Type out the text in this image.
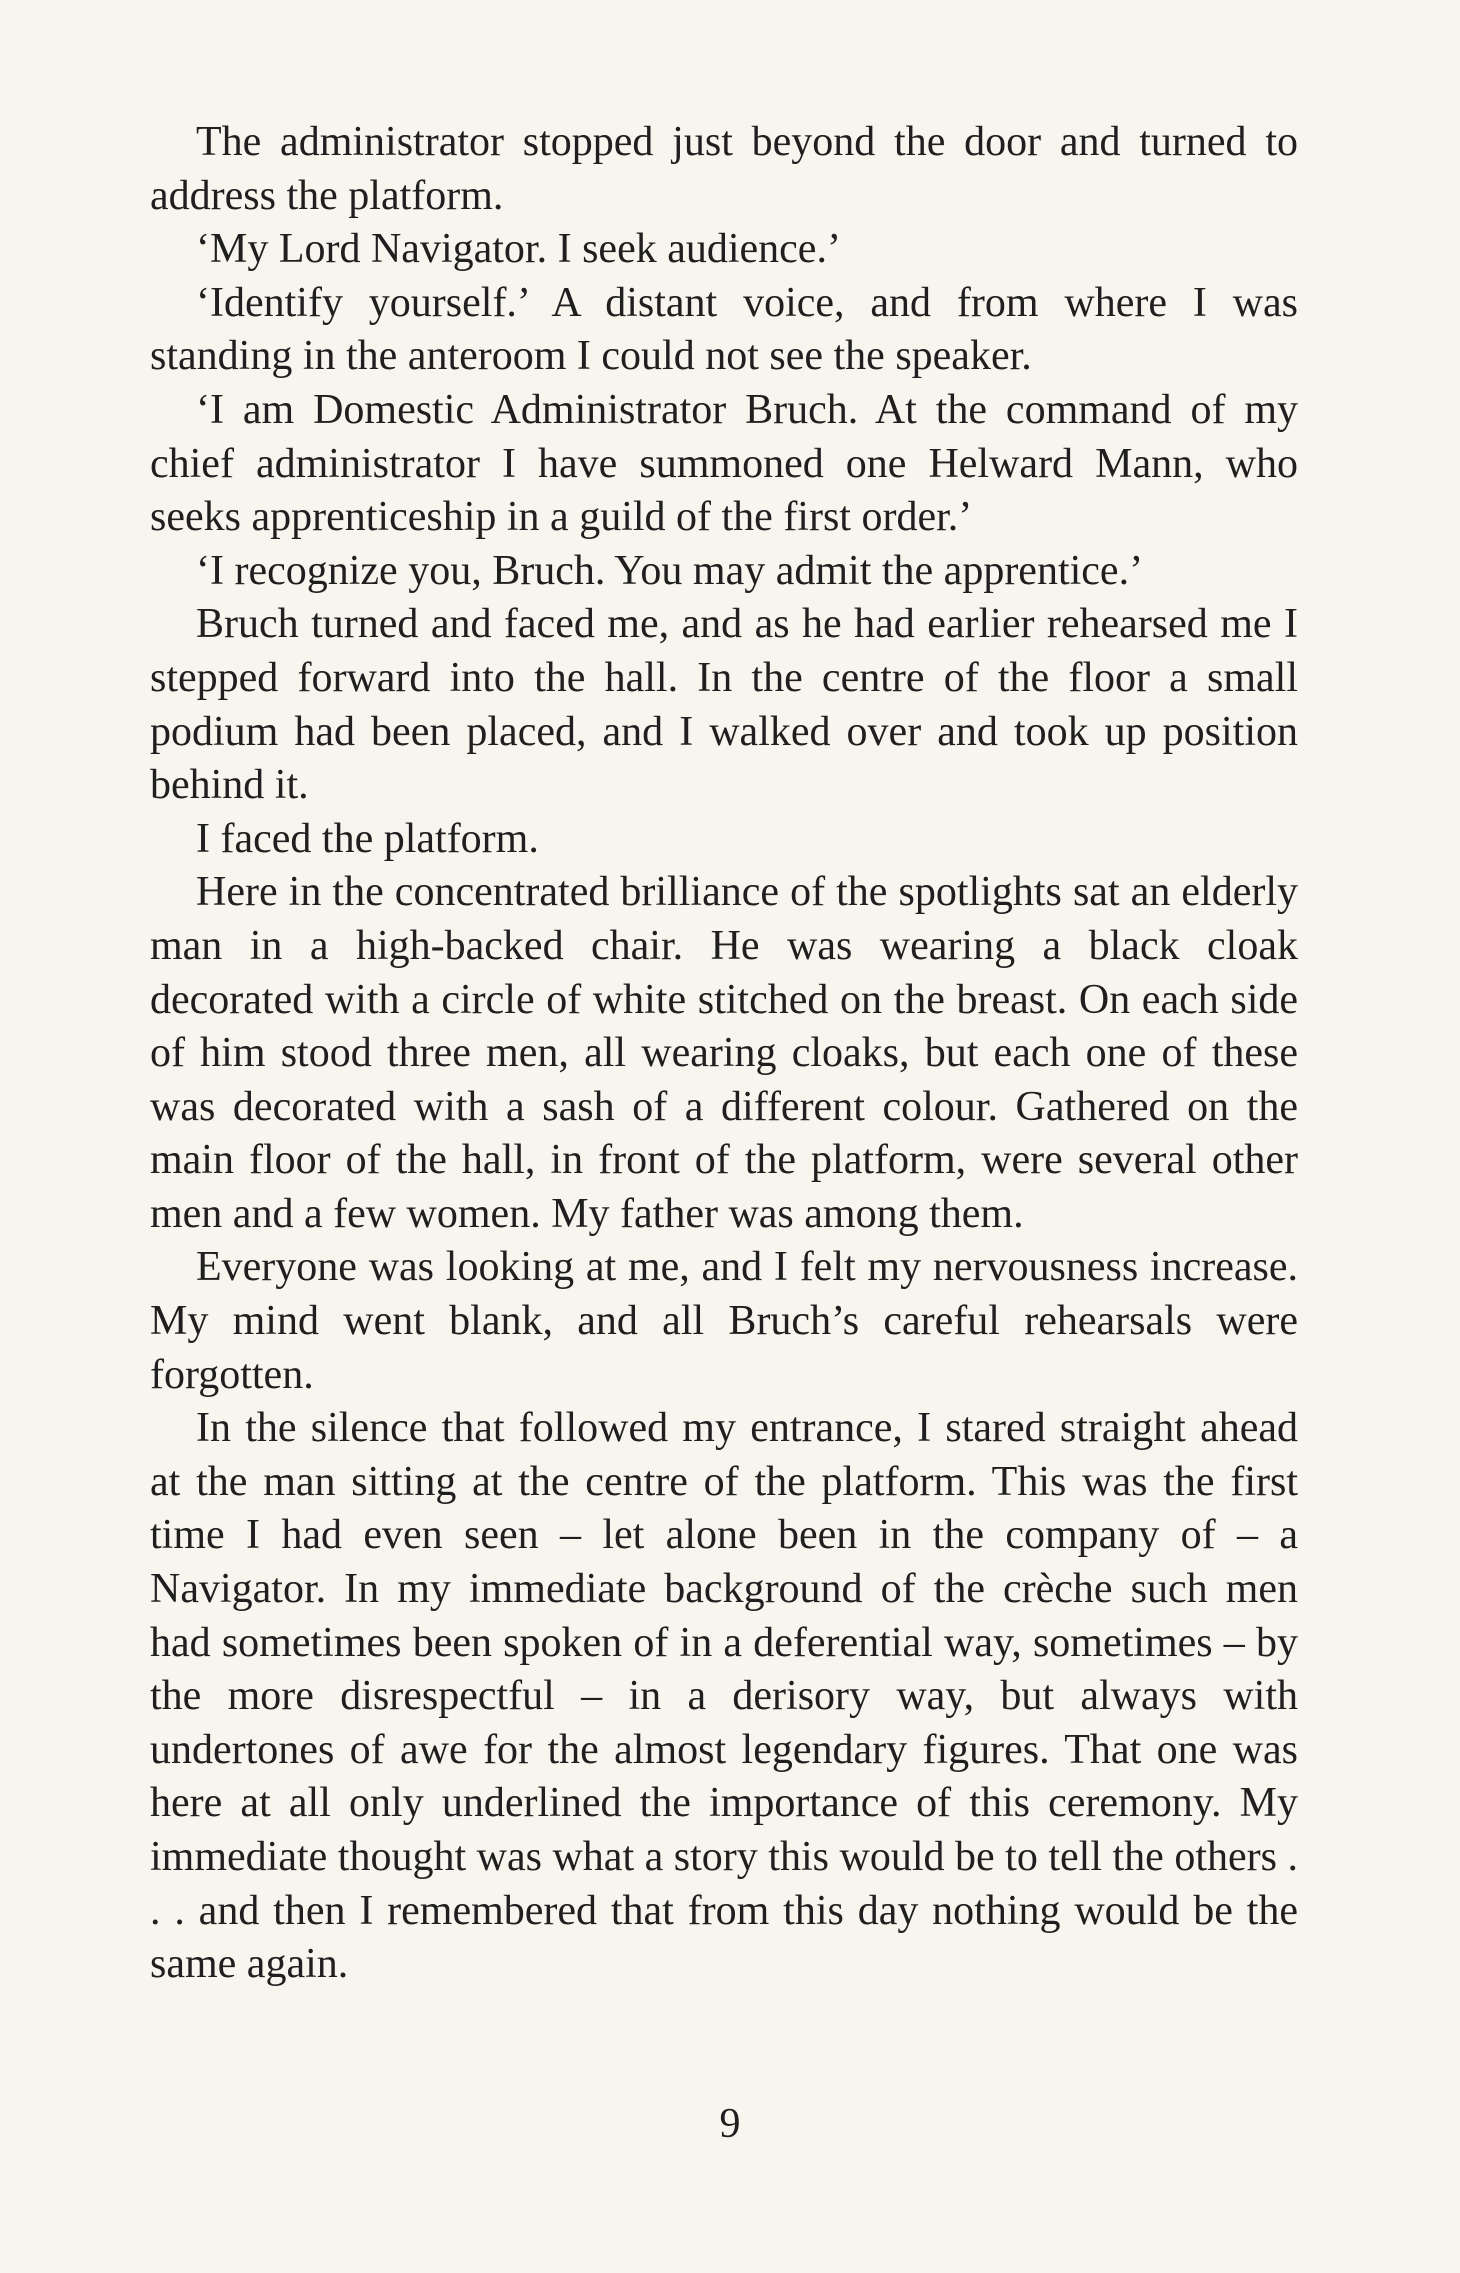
The administrator stopped just beyond the door and turned to address the platform.

‘My Lord Navigator. I seek audience.’

‘Identify yourself.’ A distant voice, and from where I was standing in the anteroom I could not see the speaker.

‘I am Domestic Administrator Bruch. At the command of my chief administrator I have summoned one Helward Mann, who seeks apprenticeship in a guild of the first order.’

‘I recognize you, Bruch. You may admit the apprentice.’

Bruch turned and faced me, and as he had earlier rehearsed me I stepped forward into the hall. In the centre of the floor a small podium had been placed, and I walked over and took up position behind it.

I faced the platform.

Here in the concentrated brilliance of the spotlights sat an elderly man in a high-backed chair. He was wearing a black cloak decorated with a circle of white stitched on the breast. On each side of him stood three men, all wearing cloaks, but each one of these was decorated with a sash of a different colour. Gathered on the main floor of the hall, in front of the platform, were several other men and a few women. My father was among them.

Everyone was looking at me, and I felt my nervousness increase. My mind went blank, and all Bruch’s careful rehearsals were forgotten.

In the silence that followed my entrance, I stared straight ahead at the man sitting at the centre of the platform. This was the first time I had even seen – let alone been in the company of – a Navigator. In my immediate background of the crèche such men had sometimes been spoken of in a deferential way, sometimes – by the more disrespectful – in a derisory way, but always with undertones of awe for the almost legendary figures. That one was here at all only underlined the importance of this ceremony. My immediate thought was what a story this would be to tell the others . . . and then I remembered that from this day nothing would be the same again.

9
